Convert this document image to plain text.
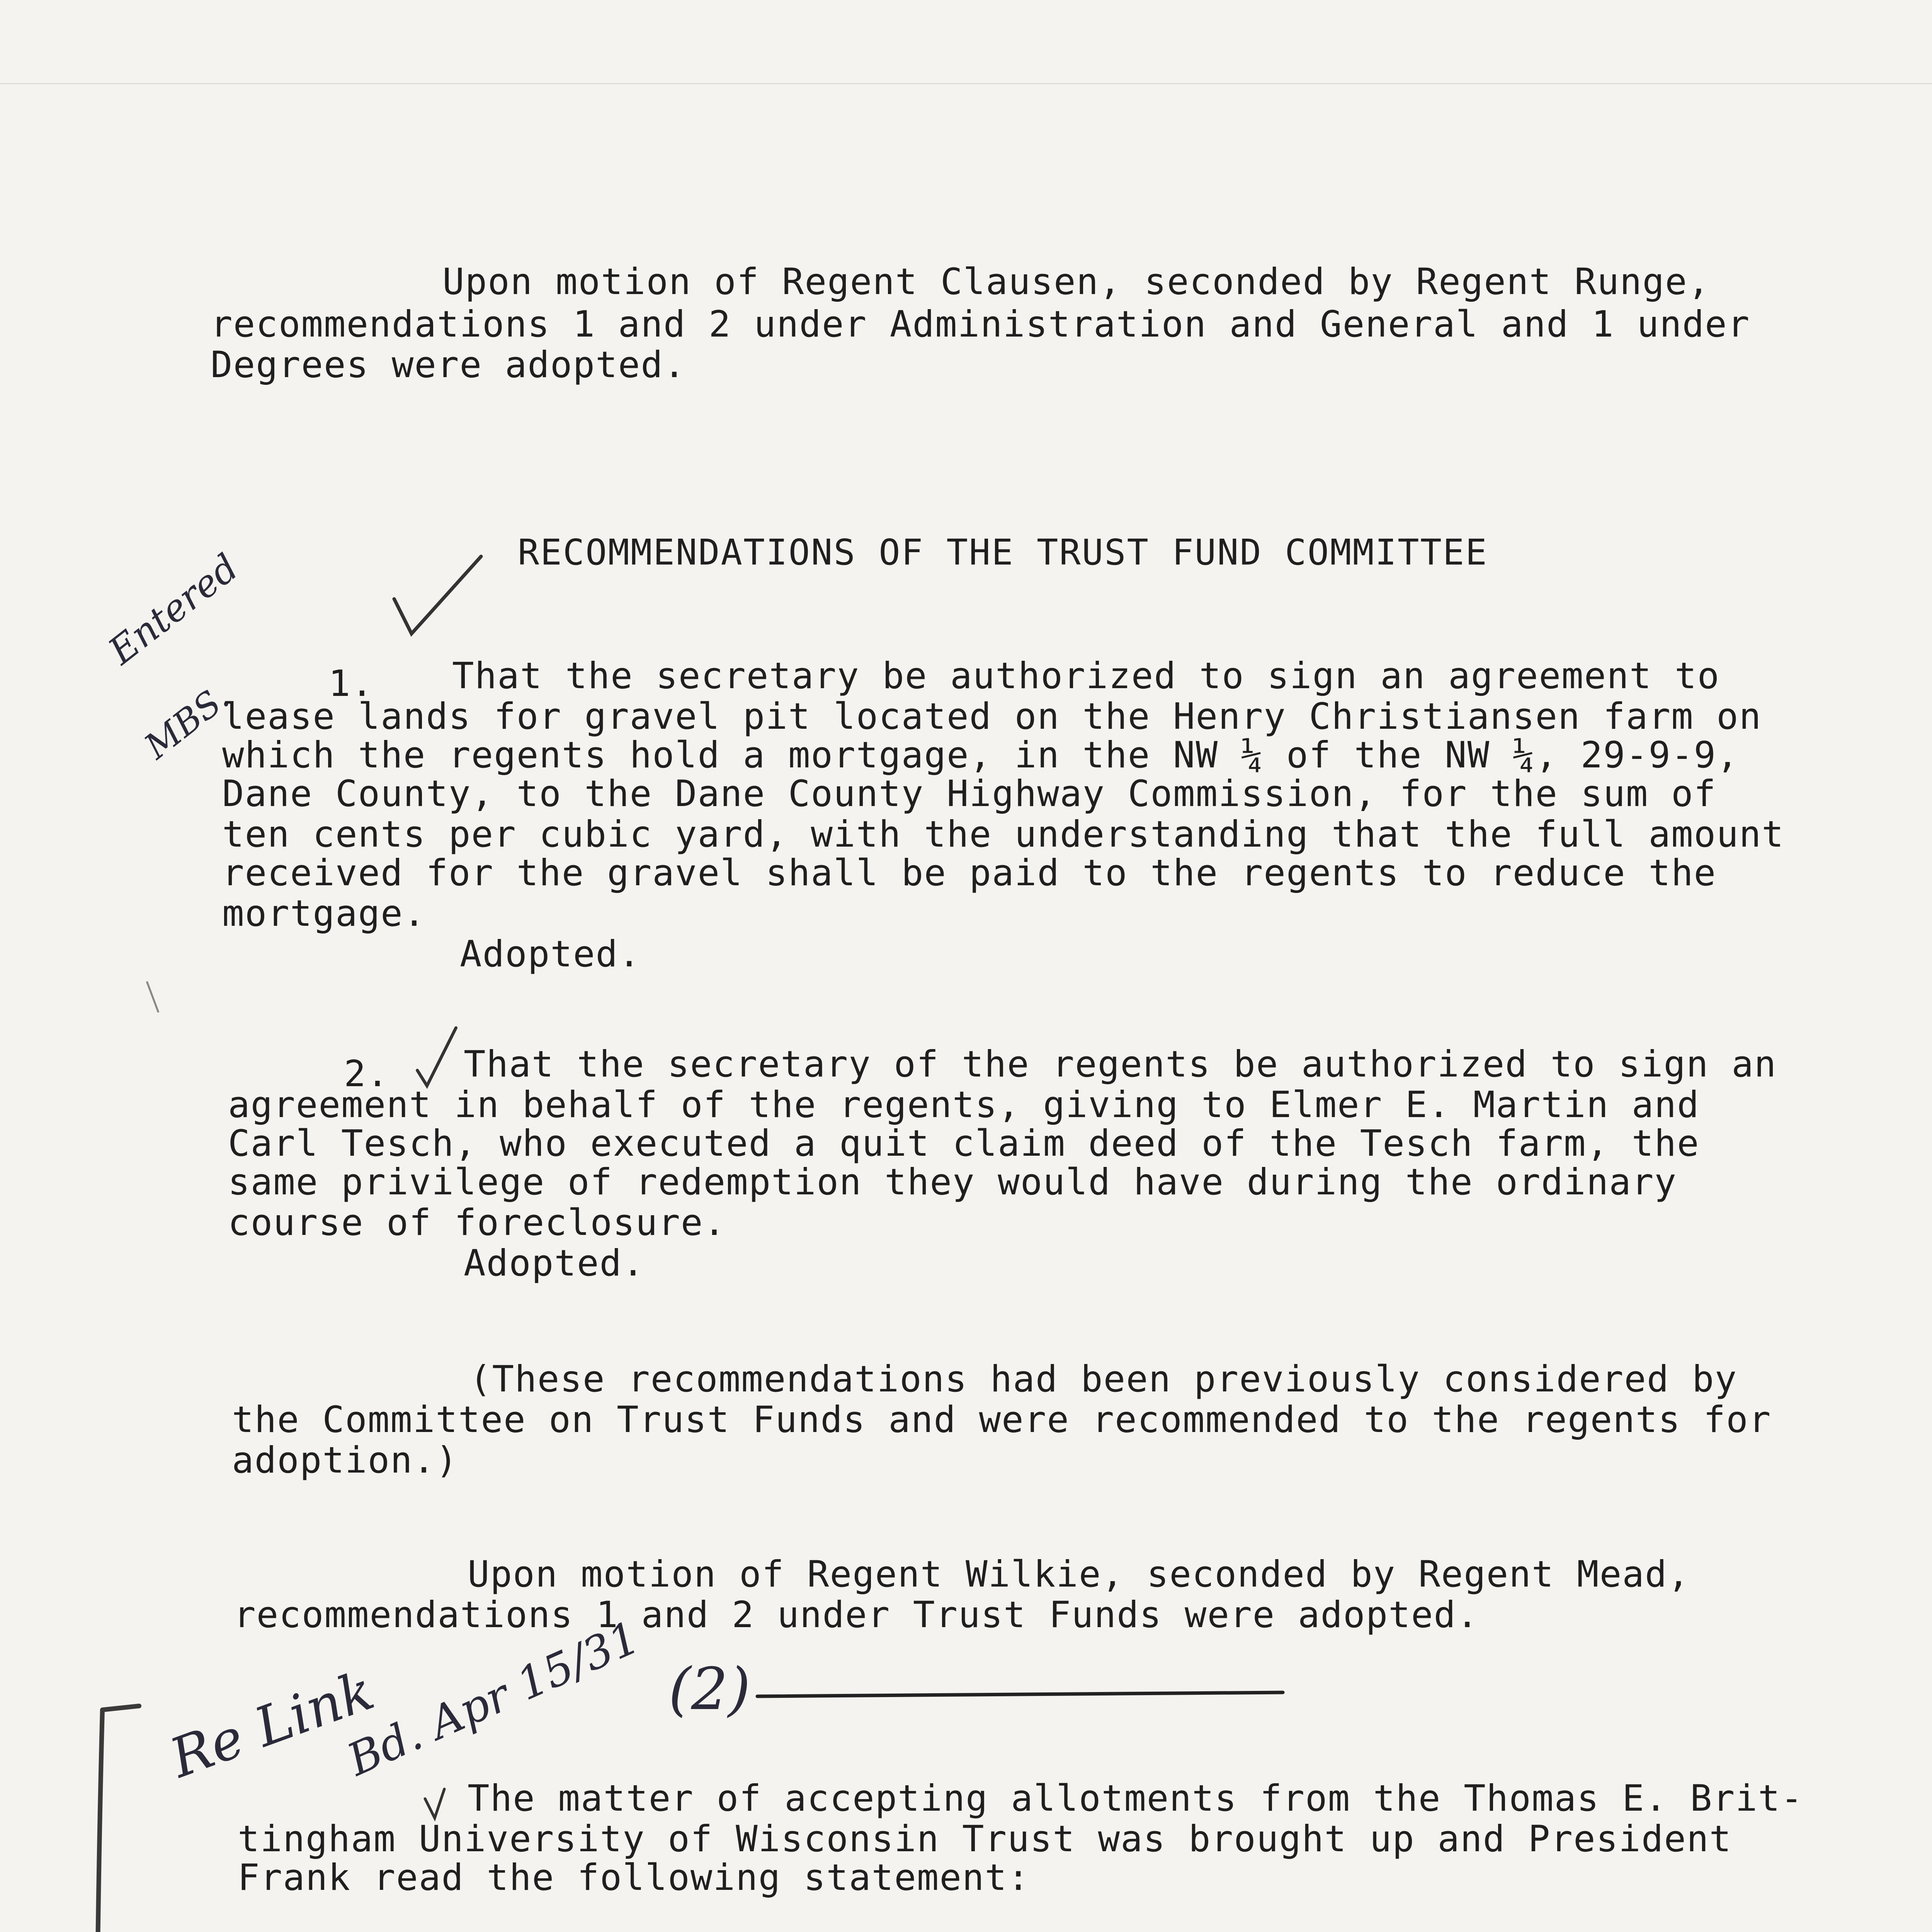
Upon motion of Regent Clausen, seconded by Regent Runge,
recommendations 1 and 2 under Administration and General and 1 under
Degrees were adopted.
RECOMMENDATIONS OF THE TRUST FUND COMMITTEE

Entered

MBS.
	1. That the secretary be authorized to sign an agreement to
lease lands for gravel pit located on the Henry Christiansen farm on
which the regents hold a mortgage, in the NW ¼ of the NW ¼, 29-9-9,
Dane County, to the Dane County Highway Commission, for the sum of
ten cents per cubic yard, with the understanding that the full amount
received for the gravel shall be paid to the regents to reduce the
mortgage.
Adopted.
2. That the secretary of the regents be authorized to sign an
agreement in behalf of the regents, giving to Elmer E. Martin and
Carl Tesch, who executed a quit claim deed of the Tesch farm, the
same privilege of redemption they would have during the ordinary
course of foreclosure.
Adopted.
(These recommendations had been previously considered by
the Committee on Trust Funds and were recommended to the regents for
adoption.)
Upon motion of Regent Wilkie, seconded by Regent Mead,
recommendations 1 and 2 under Trust Funds were adopted.
Re Link
Bd. Apr 15/31 (2)
The matter of accepting allotments from the Thomas E. Brit-
tingham University of Wisconsin Trust was brought up and President
Frank read the following statement:
